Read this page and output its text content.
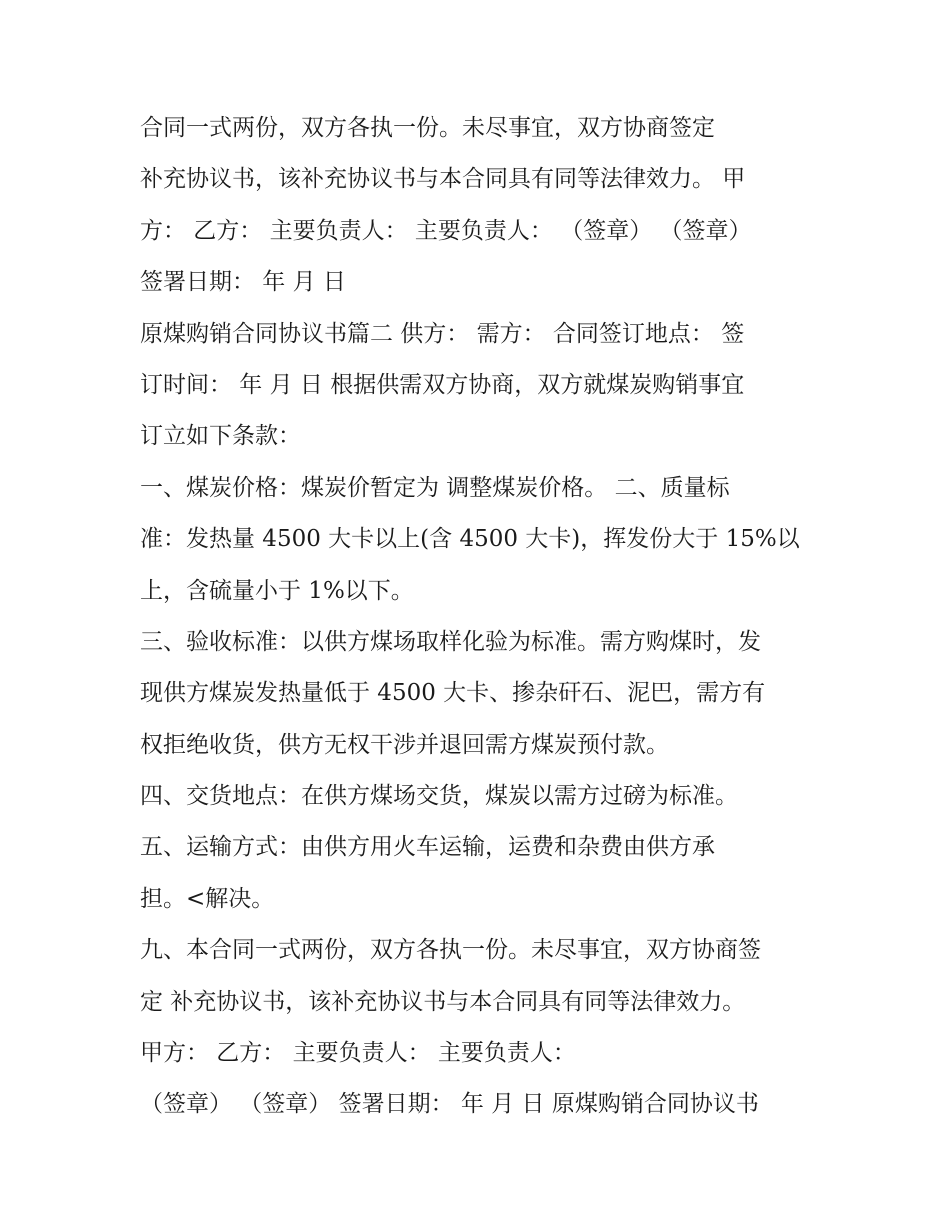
合同一式两份，双方各执一份。未尽事宜，双方协商签定
补充协议书，该补充协议书与本合同具有同等法律效力。 甲
方： 乙方： 主要负责人： 主要负责人： （签章） （签章）
签署日期： 年 月 日
原煤购销合同协议书篇二 供方： 需方： 合同签订地点： 签
订时间： 年 月 日 根据供需双方协商，双方就煤炭购销事宜
订立如下条款：
一、煤炭价格：煤炭价暂定为 调整煤炭价格。 二、质量标
准：发热量 4500 大卡以上(含 4500 大卡)，挥发份大于 15%以
上，含硫量小于 1%以下。
三、验收标准：以供方煤场取样化验为标准。需方购煤时，发
现供方煤炭发热量低于 4500 大卡、掺杂矸石、泥巴，需方有
权拒绝收货，供方无权干涉并退回需方煤炭预付款。
四、交货地点：在供方煤场交货，煤炭以需方过磅为标准。
五、运输方式：由供方用火车运输，运费和杂费由供方承
担。<解决。
九、本合同一式两份，双方各执一份。未尽事宜，双方协商签
定 补充协议书，该补充协议书与本合同具有同等法律效力。
甲方： 乙方： 主要负责人： 主要负责人：
（签章） （签章） 签署日期： 年 月 日 原煤购销合同协议书
